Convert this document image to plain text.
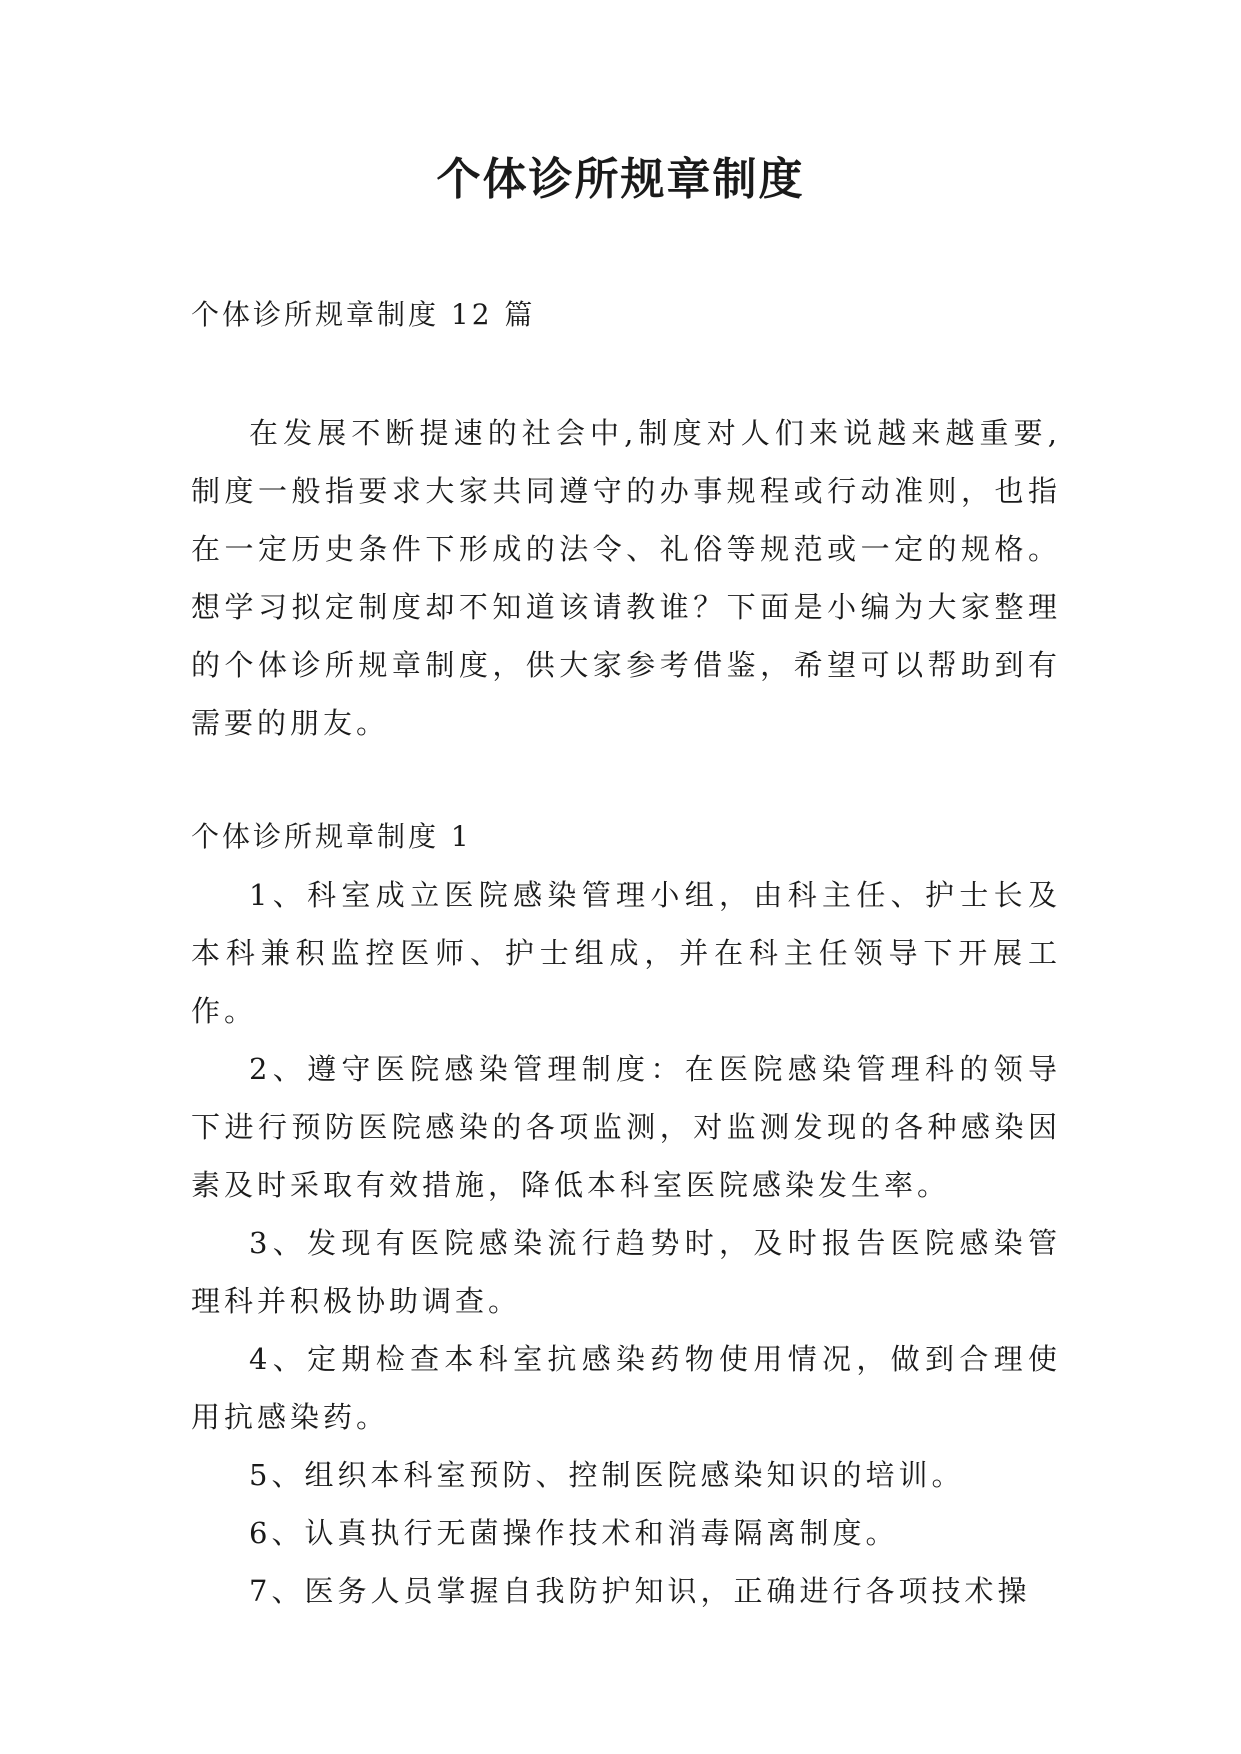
个体诊所规章制度
个体诊所规章制度 12 篇

在发展不断提速的社会中,制度对人们来说越来越重要,制度一般指要求大家共同遵守的办事规程或行动准则，也指在一定历史条件下形成的法令、礼俗等规范或一定的规格。想学习拟定制度却不知道该请教谁？下面是小编为大家整理的个体诊所规章制度，供大家参考借鉴，希望可以帮助到有需要的朋友。

个体诊所规章制度 1

1、科室成立医院感染管理小组，由科主任、护士长及本科兼积监控医师、护士组成，并在科主任领导下开展工作。

2、遵守医院感染管理制度：在医院感染管理科的领导下进行预防医院感染的各项监测，对监测发现的各种感染因素及时采取有效措施，降低本科室医院感染发生率。

3、发现有医院感染流行趋势时，及时报告医院感染管理科并积极协助调查。

4、定期检查本科室抗感染药物使用情况，做到合理使用抗感染药。

5、组织本科室预防、控制医院感染知识的培训。

6、认真执行无菌操作技术和消毒隔离制度。

7、医务人员掌握自我防护知识，正确进行各项技术操
